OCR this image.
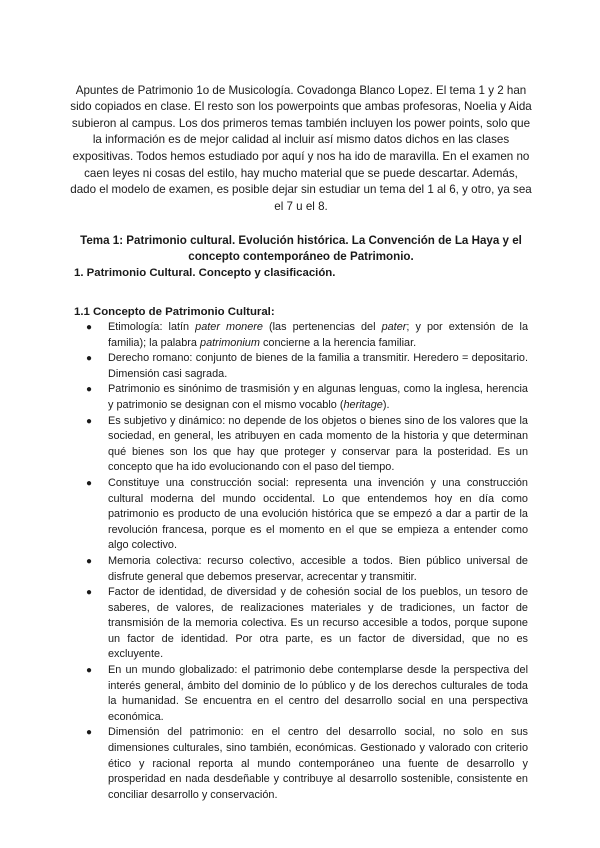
Apuntes de Patrimonio 1o de Musicología. Covadonga Blanco Lopez. El tema 1 y 2 han sido copiados en clase. El resto son los powerpoints que ambas profesoras, Noelia y Aida subieron al campus. Los dos primeros temas también incluyen los power points, solo que la información es de mejor calidad al incluir así mismo datos dichos en las clases expositivas. Todos hemos estudiado por aquí y nos ha ido de maravilla. En el examen no caen leyes ni cosas del estilo, hay mucho material que se puede descartar. Además, dado el modelo de examen, es posible dejar sin estudiar un tema del 1 al 6, y otro, ya sea el 7 u el 8.

Tema 1: Patrimonio cultural. Evolución histórica. La Convención de La Haya y el concepto contemporáneo de Patrimonio.

1. Patrimonio Cultural. Concepto y clasificación.
1.1 Concepto de Patrimonio Cultural:
● Etimología: latín pater monere (las pertenencias del pater; y por extensión de la familia); la palabra patrimonium concierne a la herencia familiar.
● Derecho romano: conjunto de bienes de la familia a transmitir. Heredero = depositario. Dimensión casi sagrada.
● Patrimonio es sinónimo de trasmisión y en algunas lenguas, como la inglesa, herencia y patrimonio se designan con el mismo vocablo (heritage).
● Es subjetivo y dinámico: no depende de los objetos o bienes sino de los valores que la sociedad, en general, les atribuyen en cada momento de la historia y que determinan qué bienes son los que hay que proteger y conservar para la posteridad. Es un concepto que ha ido evolucionando con el paso del tiempo.
● Constituye una construcción social: representa una invención y una construcción cultural moderna del mundo occidental. Lo que entendemos hoy en día como patrimonio es producto de una evolución histórica que se empezó a dar a partir de la revolución francesa, porque es el momento en el que se empieza a entender como algo colectivo.
● Memoria colectiva: recurso colectivo, accesible a todos. Bien público universal de disfrute general que debemos preservar, acrecentar y transmitir.
● Factor de identidad, de diversidad y de cohesión social de los pueblos, un tesoro de saberes, de valores, de realizaciones materiales y de tradiciones, un factor de transmisión de la memoria colectiva. Es un recurso accesible a todos, porque supone un factor de identidad. Por otra parte, es un factor de diversidad, que no es excluyente.
● En un mundo globalizado: el patrimonio debe contemplarse desde la perspectiva del interés general, ámbito del dominio de lo público y de los derechos culturales de toda la humanidad. Se encuentra en el centro del desarrollo social en una perspectiva económica.
● Dimensión del patrimonio: en el centro del desarrollo social, no solo en sus dimensiones culturales, sino también, económicas. Gestionado y valorado con criterio ético y racional reporta al mundo contemporáneo una fuente de desarrollo y prosperidad en nada desdeñable y contribuye al desarrollo sostenible, consistente en conciliar desarrollo y conservación.
